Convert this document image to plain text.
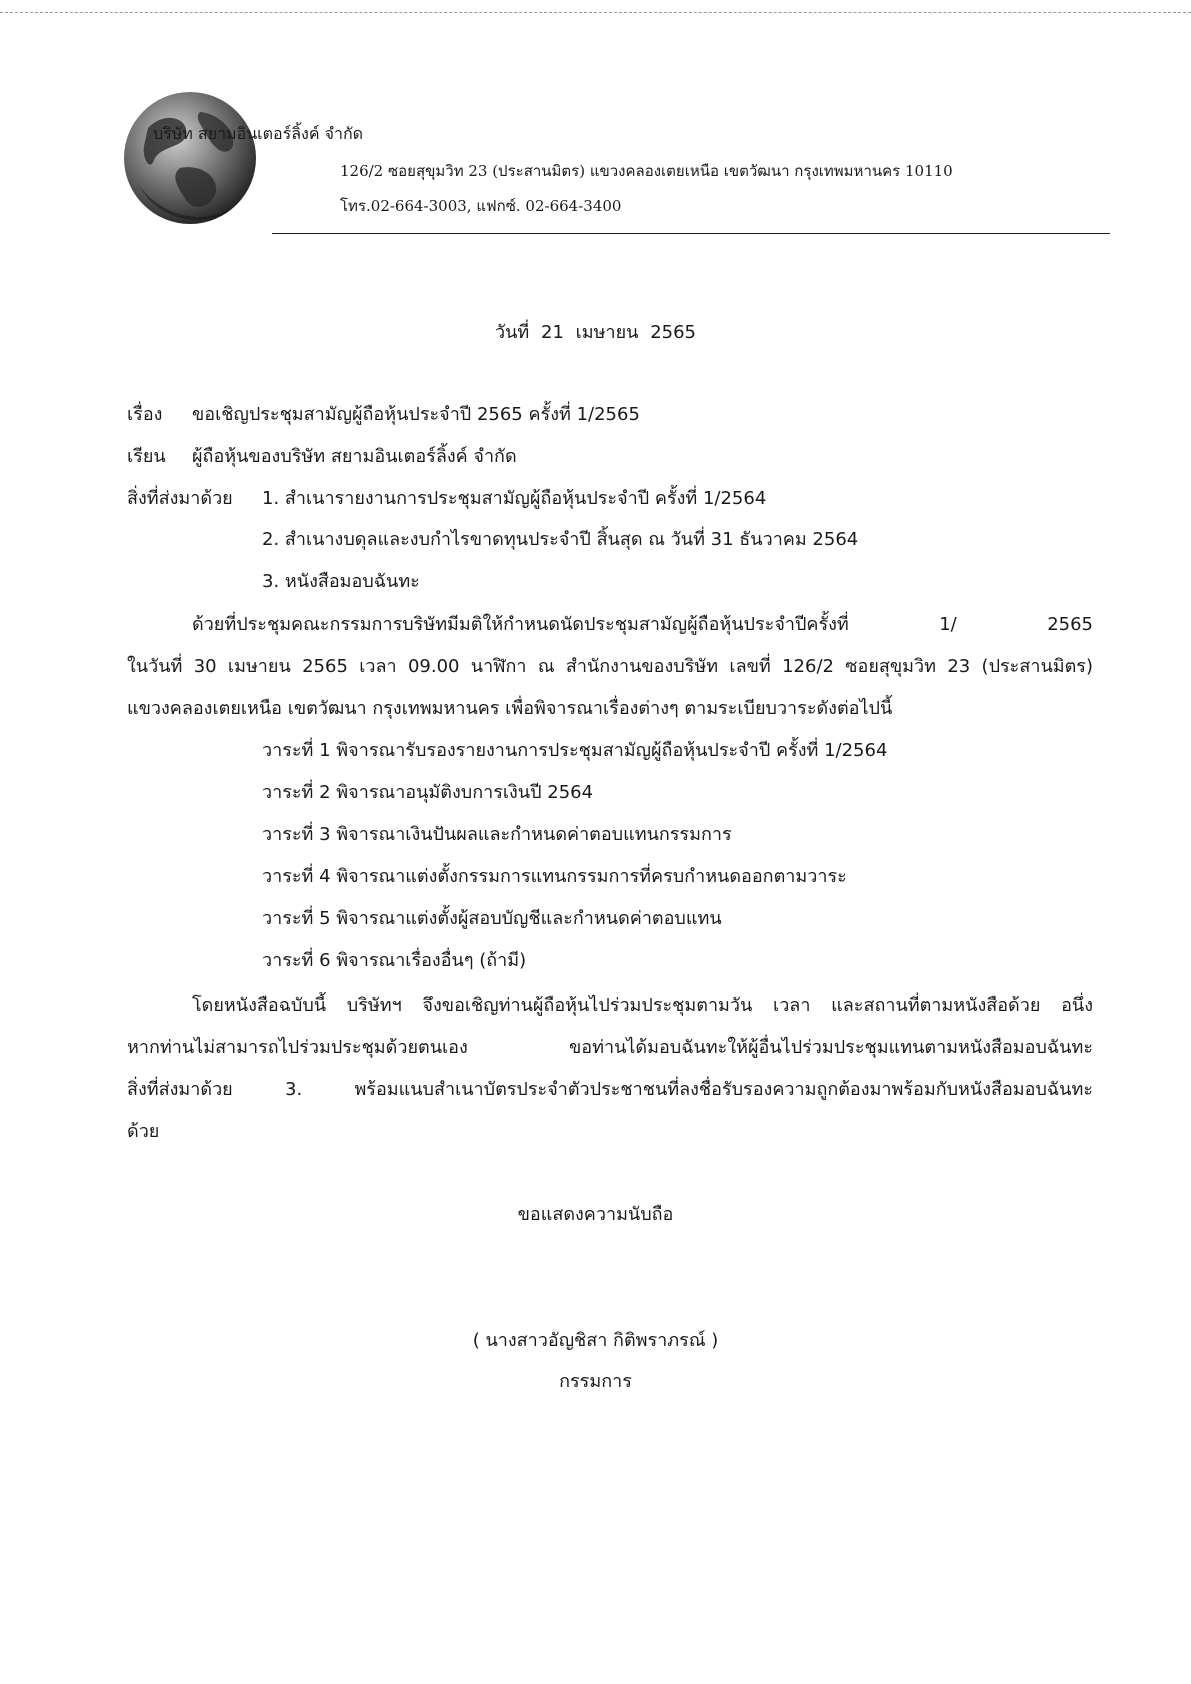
บริษัท สยามอินเตอร์ลิ้งค์ จำกัด
126/2 ซอยสุขุมวิท 23 (ประสานมิตร) แขวงคลองเตยเหนือ เขตวัฒนา กรุงเทพมหานคร 10110
โทร.02-664-3003, แฟกซ์. 02-664-3400
วันที่ 21 เมษายน 2565
เรื่อง ขอเชิญประชุมสามัญผู้ถือหุ้นประจำปี 2565 ครั้งที่ 1/2565
เรียน ผู้ถือหุ้นของบริษัท สยามอินเตอร์ลิ้งค์ จำกัด
สิ่งที่ส่งมาด้วย 1. สำเนารายงานการประชุมสามัญผู้ถือหุ้นประจำปี ครั้งที่ 1/2564
2. สำเนางบดุลและงบกำไรขาดทุนประจำปี สิ้นสุด ณ วันที่ 31 ธันวาคม 2564
3. หนังสือมอบฉันทะ
ด้วยที่ประชุมคณะกรรมการบริษัทมีมติให้กำหนดนัดประชุมสามัญผู้ถือหุ้นประจำปีครั้งที่ 1/ 2565
ในวันที่ 30 เมษายน 2565 เวลา 09.00 นาฬิกา ณ สำนักงานของบริษัท เลขที่ 126/2 ซอยสุขุมวิท 23 (ประสานมิตร)
แขวงคลองเตยเหนือ เขตวัฒนา กรุงเทพมหานคร เพื่อพิจารณาเรื่องต่างๆ ตามระเบียบวาระดังต่อไปนี้
วาระที่ 1 พิจารณารับรองรายงานการประชุมสามัญผู้ถือหุ้นประจำปี ครั้งที่ 1/2564
วาระที่ 2 พิจารณาอนุมัติงบการเงินปี 2564
วาระที่ 3 พิจารณาเงินปันผลและกำหนดค่าตอบแทนกรรมการ
วาระที่ 4 พิจารณาแต่งตั้งกรรมการแทนกรรมการที่ครบกำหนดออกตามวาระ
วาระที่ 5 พิจารณาแต่งตั้งผู้สอบบัญชีและกำหนดค่าตอบแทน
วาระที่ 6 พิจารณาเรื่องอื่นๆ (ถ้ามี)
โดยหนังสือฉบับนี้ บริษัทฯ จึงขอเชิญท่านผู้ถือหุ้นไปร่วมประชุมตามวัน เวลา และสถานที่ตามหนังสือด้วย อนึ่ง
หากท่านไม่สามารถไปร่วมประชุมด้วยตนเอง ขอท่านได้มอบฉันทะให้ผู้อื่นไปร่วมประชุมแทนตามหนังสือมอบฉันทะ
สิ่งที่ส่งมาด้วย 3. พร้อมแนบสำเนาบัตรประจำตัวประชาชนที่ลงชื่อรับรองความถูกต้องมาพร้อมกับหนังสือมอบฉันทะ
ด้วย
ขอแสดงความนับถือ
( นางสาวอัญชิสา กิติพราภรณ์ )
กรรมการ
